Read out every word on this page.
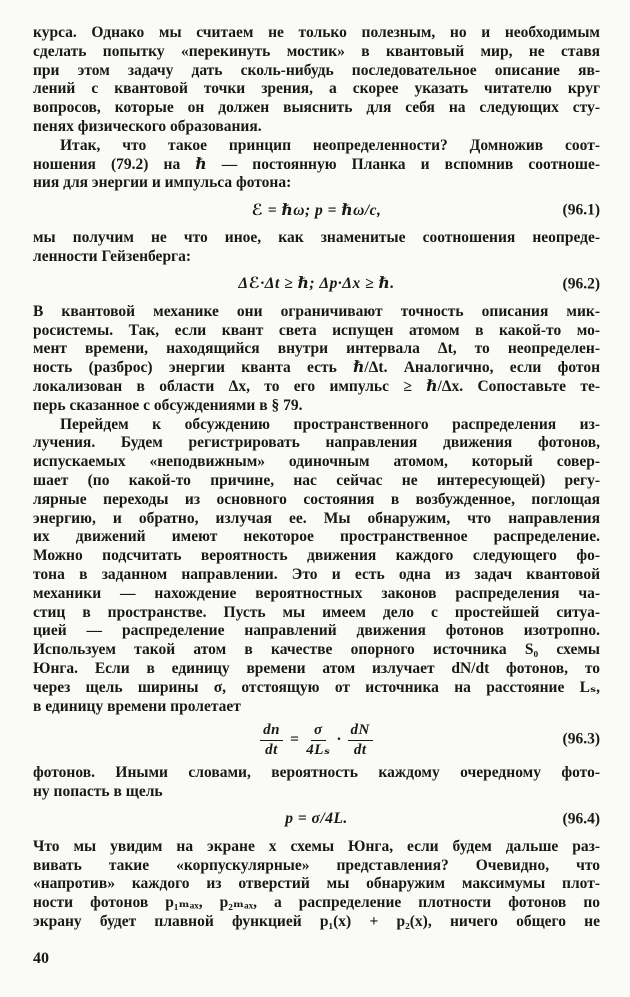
курса. Однако мы считаем не только полезным, но и необходимым
сделать попытку «перекинуть мостик» в квантовый мир, не ставя
при этом задачу дать сколь-нибудь последовательное описание яв-
лений с квантовой точки зрения, а скорее указать читателю круг
вопросов, которые он должен выяснить для себя на следующих сту-
пенях физического образования.
Итак, что такое принцип неопределенности? Домножив соот-
ношения (79.2) на ℏ — постоянную Планка и вспомнив соотноше-
ния для энергии и импульса фотона:
ℰ = ℏω; p = ℏω/c,	(96.1)
мы получим не что иное, как знаменитые соотношения неопреде-
ленности Гейзенберга:
Δℰ·Δt ≥ ℏ; Δp·Δx ≥ ℏ.	(96.2)
В квантовой механике они ограничивают точность описания мик-
росистемы. Так, если квант света испущен атомом в какой-то мо-
мент времени, находящийся внутри интервала Δt, то неопределен-
ность (разброс) энергии кванта есть ℏ/Δt. Аналогично, если фотон
локализован в области Δx, то его импульс ≥ ℏ/Δx. Сопоставьте те-
перь сказанное с обсуждениями в § 79.
Перейдем к обсуждению пространственного распределения из-
лучения. Будем регистрировать направления движения фотонов,
испускаемых «неподвижным» одиночным атомом, который совер-
шает (по какой-то причине, нас сейчас не интересующей) регу-
лярные переходы из основного состояния в возбужденное, поглощая
энергию, и обратно, излучая ее. Мы обнаружим, что направления
их движений имеют некоторое пространственное распределение.
Можно подсчитать вероятность движения каждого следующего фо-
тона в заданном направлении. Это и есть одна из задач квантовой
механики — нахождение вероятностных законов распределения ча-
стиц в пространстве. Пусть мы имеем дело с простейшей ситуа-
цией — распределение направлений движения фотонов изотропно.
Используем такой атом в качестве опорного источника S₀ схемы
Юнга. Если в единицу времени атом излучает dN/dt фотонов, то
через щель ширины σ, отстоящую от источника на расстояние Lₛ,
в единицу времени пролетает
$\frac{dn}{dt} = \frac{\sigma}{\text{4Lₛ}} \cdot \frac{dN}{dt}$	(96.3)
фотонов. Иными словами, вероятность каждому очередному фото-
ну попасть в щель
p = σ/4L.	(96.4)
Что мы увидим на экране x схемы Юнга, если будем дальше раз-
вивать такие «корпускулярные» представления? Очевидно, что
«напротив» каждого из отверстий мы обнаружим максимумы плот-
ности фотонов p₁ₘₐₓ, p₂ₘₐₓ, а распределение плотности фотонов по
экрану будет плавной функцией p₁(x) + p₂(x), ничего общего не
40
